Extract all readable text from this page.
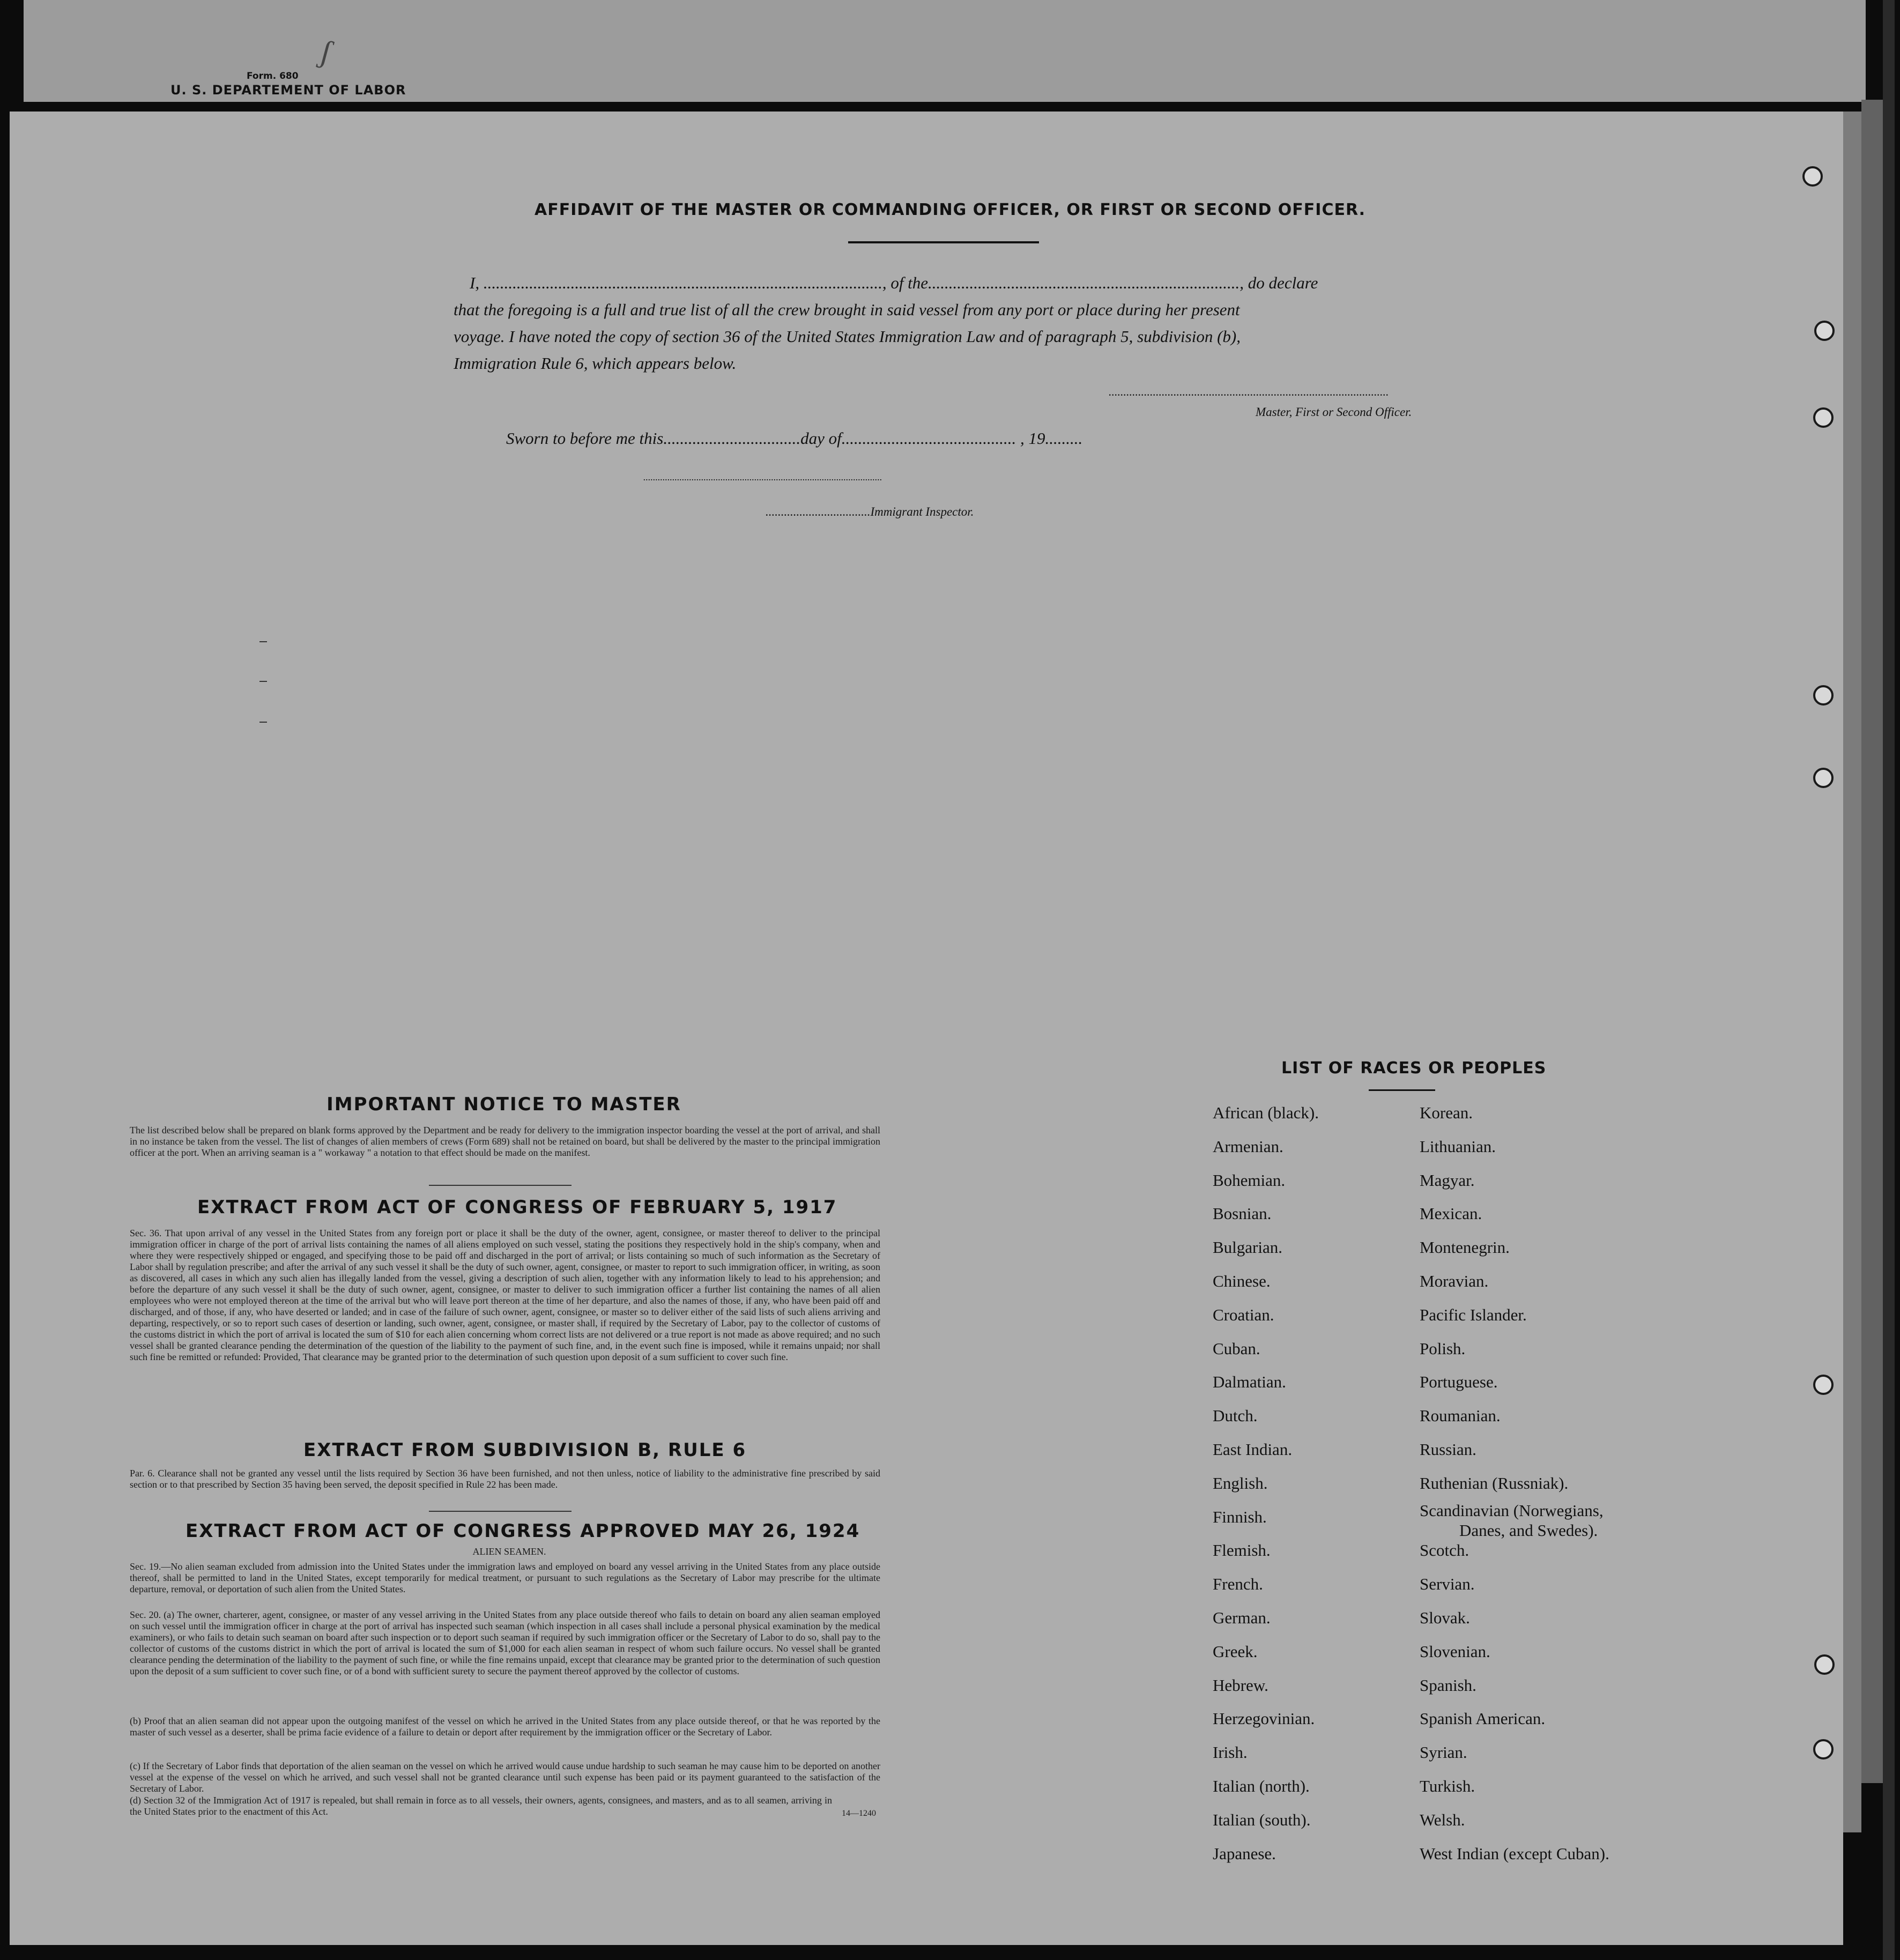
ʃ
Form. 680
U. S. DEPARTEMENT OF LABOR
AFFIDAVIT OF THE MASTER OR COMMANDING OFFICER, OR FIRST OR SECOND OFFICER.
I, ................................................................................................, of the..........................................................................., do declare
that the foregoing is a full and true list of all the crew brought in said vessel from any port or place during her present
voyage. I have noted the copy of section 36 of the United States Immigration Law and of paragraph 5, subdivision (b),
Immigration Rule 6, which appears below.
...............................................................................................
Master, First or Second Officer.
Sworn to before me this.................................day of.......................................... , 19.........
...................................................................................................
..................................Immigrant Inspector.
IMPORTANT NOTICE TO MASTER
The list described below shall be prepared on blank forms approved by the Department and be ready for delivery to the immigration inspector boarding the vessel at the port of arrival, and shall in no instance be taken from the vessel. The list of changes of alien members of crews (Form 689) shall not be retained on board, but shall be delivered by the master to the principal immigration officer at the port. When an arriving seaman is a " workaway " a notation to that effect should be made on the manifest.
EXTRACT FROM ACT OF CONGRESS OF FEBRUARY 5, 1917
Sec. 36. That upon arrival of any vessel in the United States from any foreign port or place it shall be the duty of the owner, agent, consignee, or master thereof to deliver to the principal immigration officer in charge of the port of arrival lists containing the names of all aliens employed on such vessel, stating the positions they respectively hold in the ship's company, when and where they were respectively shipped or engaged, and specifying those to be paid off and discharged in the port of arrival; or lists containing so much of such information as the Secretary of Labor shall by regulation prescribe; and after the arrival of any such vessel it shall be the duty of such owner, agent, consignee, or master to report to such immigration officer, in writing, as soon as discovered, all cases in which any such alien has illegally landed from the vessel, giving a description of such alien, together with any information likely to lead to his apprehension; and before the departure of any such vessel it shall be the duty of such owner, agent, consignee, or master to deliver to such immigration officer a further list containing the names of all alien employees who were not employed thereon at the time of the arrival but who will leave port thereon at the time of her departure, and also the names of those, if any, who have been paid off and discharged, and of those, if any, who have deserted or landed; and in case of the failure of such owner, agent, consignee, or master so to deliver either of the said lists of such aliens arriving and departing, respectively, or so to report such cases of desertion or landing, such owner, agent, consignee, or master shall, if required by the Secretary of Labor, pay to the collector of customs of the customs district in which the port of arrival is located the sum of $10 for each alien concerning whom correct lists are not delivered or a true report is not made as above required; and no such vessel shall be granted clearance pending the determination of the question of the liability to the payment of such fine, and, in the event such fine is imposed, while it remains unpaid; nor shall such fine be remitted or refunded: Provided, That clearance may be granted prior to the determination of such question upon deposit of a sum sufficient to cover such fine.
EXTRACT FROM SUBDIVISION B, RULE 6
Par. 6. Clearance shall not be granted any vessel until the lists required by Section 36 have been furnished, and not then unless, notice of liability to the administrative fine prescribed by said section or to that prescribed by Section 35 having been served, the deposit specified in Rule 22 has been made.
EXTRACT FROM ACT OF CONGRESS APPROVED MAY 26, 1924
ALIEN SEAMEN.
Sec. 19.—No alien seaman excluded from admission into the United States under the immigration laws and employed on board any vessel arriving in the United States from any place outside thereof, shall be permitted to land in the United States, except temporarily for medical treatment, or pursuant to such regulations as the Secretary of Labor may prescribe for the ultimate departure, removal, or deportation of such alien from the United States.
Sec. 20. (a) The owner, charterer, agent, consignee, or master of any vessel arriving in the United States from any place outside thereof who fails to detain on board any alien seaman employed on such vessel until the immigration officer in charge at the port of arrival has inspected such seaman (which inspection in all cases shall include a personal physical examination by the medical examiners), or who fails to detain such seaman on board after such inspection or to deport such seaman if required by such immigration officer or the Secretary of Labor to do so, shall pay to the collector of customs of the customs district in which the port of arrival is located the sum of $1,000 for each alien seaman in respect of whom such failure occurs. No vessel shall be granted clearance pending the determination of the liability to the payment of such fine, or while the fine remains unpaid, except that clearance may be granted prior to the determination of such question upon the deposit of a sum sufficient to cover such fine, or of a bond with sufficient surety to secure the payment thereof approved by the collector of customs.
(b) Proof that an alien seaman did not appear upon the outgoing manifest of the vessel on which he arrived in the United States from any place outside thereof, or that he was reported by the master of such vessel as a deserter, shall be prima facie evidence of a failure to detain or deport after requirement by the immigration officer or the Secretary of Labor.
(c) If the Secretary of Labor finds that deportation of the alien seaman on the vessel on which he arrived would cause undue hardship to such seaman he may cause him to be deported on another vessel at the expense of the vessel on which he arrived, and such vessel shall not be granted clearance until such expense has been paid or its payment guaranteed to the satisfaction of the Secretary of Labor.
(d) Section 32 of the Immigration Act of 1917 is repealed, but shall remain in force as to all vessels, their owners, agents, consignees, and masters, and as to all seamen, arriving in the United States prior to the enactment of this Act.	14—1240
LIST OF RACES OR PEOPLES
African (black).
Armenian.
Bohemian.
Bosnian.
Bulgarian.
Chinese.
Croatian.
Cuban.
Dalmatian.
Dutch.
East Indian.
English.
Finnish.
Flemish.
French.
German.
Greek.
Hebrew.
Herzegovinian.
Irish.
Italian (north).
Italian (south).
Japanese.
Korean.
Lithuanian.
Magyar.
Mexican.
Montenegrin.
Moravian.
Pacific Islander.
Polish.
Portuguese.
Roumanian.
Russian.
Ruthenian (Russniak).
Scandinavian (Norwegians,
Scotch.
Servian.
Slovak.
Slovenian.
Spanish.
Spanish American.
Syrian.
Turkish.
Welsh.
West Indian (except Cuban).
Danes, and Swedes).
